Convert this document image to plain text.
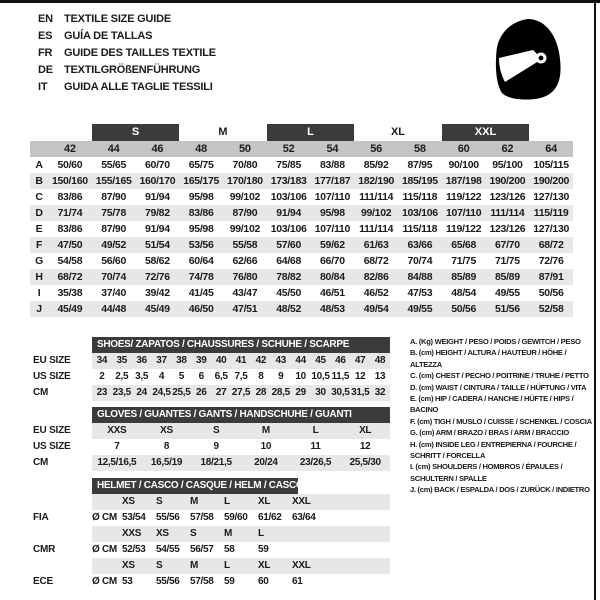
EN	TEXTILE SIZE GUIDE
ES	GUÍA DE TALLAS
FR	GUIDE DES TAILLES TEXTILE
DE	TEXTILGRÖßENFÜHRUNG
IT	GUIDA ALLE TAGLIE TESSILI
S	M	L	XL	XXL
42	44	46	48	50	52	54	56	58	60	62	64
A	50/60	55/65	60/70	65/75	70/80	75/85	83/88	85/92	87/95	90/100	95/100	105/115
B 150/160 155/165 160/170 165/175 170/180 173/183 177/187 182/190 185/195 187/198 190/200 190/200
C	83/86	87/90	91/94	95/98	99/102	103/106 107/110 111/114 115/118 119/122 123/126 127/130
D	71/74	75/78	79/82	83/86	87/90	91/94	95/98	99/102	103/106 107/110 111/114 115/119
E	83/86	87/90	91/94	95/98	99/102	103/106 107/110 111/114 115/118 119/122 123/126 127/130
F	47/50	49/52	51/54	53/56	55/58	57/60	59/62	61/63	63/66	65/68	67/70	68/72
G	54/58	56/60	58/62	60/64	62/66	64/68	66/70	68/72	70/74	71/75	71/75	72/76
H	68/72	70/74	72/76	74/78	76/80	78/82	80/84	82/86	84/88	85/89	85/89	87/91
I	35/38	37/40	39/42	41/45	43/47	45/50	46/51	46/52	47/53	48/54	49/55	50/56
J	45/49	44/48	45/49	46/50	47/51	48/52	48/53	49/54	49/55	50/56	51/56	52/58
SHOES/ ZAPATOS / CHAUSSURES / SCHUHE / SCARPE
EU SIZE	34 35 36 37 38 39 40 41 42 43 44 45 46 47 48
US SIZE	2	2,5 3,5	4	5	6	6,5 7,5	8	9	10 10,5 11,5 12 13
CM	23 23,5 24 24,5 25,5 26 27 27,5 28 28,5 29 30 30,5 31,5 32
GLOVES / GUANTES / GANTS / HANDSCHUHE / GUANTI
EU SIZE	XXS	XS	S	M	L	XL
US SIZE	7	8	9	10	11	12
CM	12,5/16,5	16,5/19	18/21,5	20/24	23/26,5	25,5/30
HELMET / CASCO / CASQUE / HELM / CASCO
XS	S	M	L	XL	XXL
FIA	Ø CM 53/54	55/56	57/58	59/60	61/62	63/64
XXS	XS	S	M	L
CMR	Ø CM 52/53	54/55	56/57	58	59
XS	S	M	L	XL	XXL
ECE	Ø CM 53	55/56	57/58	59	60	61
A. (Kg) WEIGHT / PESO / POIDS / GEWITCH / PESO
B. (cm) HEIGHT / ALTURA / HAUTEUR / HÖHE / ALTEZZA
C. (cm) CHEST / PECHO / POITRINE / TRUHE / PETTO
D. (cm) WAIST / CINTURA / TAILLE / HÜFTUNG / VITA
E. (cm) HIP / CADERA / HANCHE / HÜFTE / HIPS / BACINO
F. (cm) TIGH / MUSLO / CUISSE / SCHENKEL / COSCIA
G. (cm) ARM / BRAZO / BRAS / ARM / BRACCIO
H. (cm) INSIDE LEG / ENTREPIERNA / FOURCHE / SCHRITT / FORCELLA
I. (cm) SHOULDERS / HOMBROS / ÉPAULES / SCHULTERN / SPALLE
J. (cm) BACK / ESPALDA / DOS / ZURÜCK / INDIETRO
